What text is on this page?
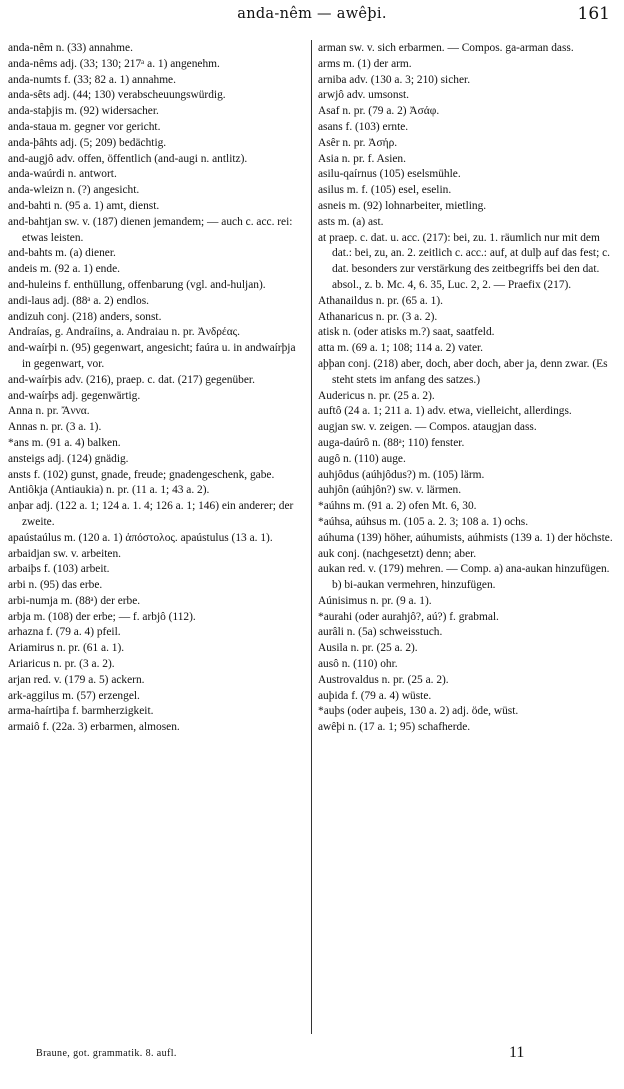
anda-nêm — awêþi.	161

anda-nêm n. (33) annahme.

anda-nêms adj. (33; 130; 217ᵃ a. 1) angenehm.

anda-numts f. (33; 82 a. 1) annahme.

anda-sêts adj. (44; 130) verabscheuungswürdig.

anda-staþjis m. (92) widersacher.

anda-staua m. gegner vor gericht.

anda-þâhts adj. (5; 209) bedächtig.

and-augjô adv. offen, öffentlich (and-augi n. antlitz).

anda-waúrdi n. antwort.

anda-wleizn n. (?) angesicht.

and-bahti n. (95 a. 1) amt, dienst.

and-bahtjan sw. v. (187) dienen jemandem; — auch c. acc. rei: etwas leisten.

and-bahts m. (a) diener.

andeis m. (92 a. 1) ende.

and-huleins f. enthüllung, offenbarung (vgl. and-huljan).

andi-laus adj. (88ᵃ a. 2) endlos.

andizuh conj. (218) anders, sonst.

Andraías, g. Andraíins, a. Andraiau n. pr. Ἀνδρέας.

and-waírþi n. (95) gegenwart, angesicht; faúra u. in andwaírþja in gegenwart, vor.

and-waírþis adv. (216), praep. c. dat. (217) gegenüber.

and-waírþs adj. gegenwärtig.

Anna n. pr. Ἄννα.

Annas n. pr. (3 a. 1).

*ans m. (91 a. 4) balken.

ansteigs adj. (124) gnädig.

ansts f. (102) gunst, gnade, freude; gnadengeschenk, gabe.

Antiôkja (Antiaukia) n. pr. (11 a. 1; 43 a. 2).

anþar adj. (122 a. 1; 124 a. 1. 4; 126 a. 1; 146) ein anderer; der zweite.

apaústaúlus m. (120 a. 1) ἀπόστολος. apaústulus (13 a. 1).

arbaidjan sw. v. arbeiten.

arbaiþs f. (103) arbeit.

arbi n. (95) das erbe.

arbi-numja m. (88ᵃ) der erbe.

arbja m. (108) der erbe; — f. arbjô (112).

arhazna f. (79 a. 4) pfeil.

Ariamirus n. pr. (61 a. 1).

Ariaricus n. pr. (3 a. 2).

arjan red. v. (179 a. 5) ackern.

ark-aggilus m. (57) erzengel.

arma-haírtiþa f. barmherzigkeit.

armaiô f. (22a. 3) erbarmen, almosen.

arman sw. v. sich erbarmen. — Compos. ga-arman dass.

arms m. (1) der arm.

arniba adv. (130 a. 3; 210) sicher.

arwjô adv. umsonst.

Asaf n. pr. (79 a. 2) Ἀσάφ.

asans f. (103) ernte.

Asêr n. pr. Ἀσήρ.

Asia n. pr. f. Asien.

asilu-qaírnus (105) eselsmühle.

asilus m. f. (105) esel, eselin.

asneis m. (92) lohnarbeiter, mietling.

asts m. (a) ast.

at praep. c. dat. u. acc. (217): bei, zu. 1. räumlich nur mit dem dat.: bei, zu, an. 2. zeitlich c. acc.: auf, at dulþ auf das fest; c. dat. besonders zur verstärkung des zeitbegriffs bei den dat. absol., z. b. Mc. 4, 6. 35, Luc. 2, 2. — Praefix (217).

Athanaildus n. pr. (65 a. 1).

Athanaricus n. pr. (3 a. 2).

atisk n. (oder atisks m.?) saat, saatfeld.

atta m. (69 a. 1; 108; 114 a. 2) vater.

aþþan conj. (218) aber, doch, aber doch, aber ja, denn zwar. (Es steht stets im anfang des satzes.)

Audericus n. pr. (25 a. 2).

auftô (24 a. 1; 211 a. 1) adv. etwa, vielleicht, allerdings.

augjan sw. v. zeigen. — Compos. ataugjan dass.

auga-daúrô n. (88ᵃ; 110) fenster.

augô n. (110) auge.

auhjôdus (aúhjôdus?) m. (105) lärm.

auhjôn (aúhjôn?) sw. v. lärmen.

*aúhns m. (91 a. 2) ofen Mt. 6, 30.

*aúhsa, aúhsus m. (105 a. 2. 3; 108 a. 1) ochs.

aúhuma (139) höher, aúhumists, aúhmists (139 a. 1) der höchste.

auk conj. (nachgesetzt) denn; aber.

aukan red. v. (179) mehren. — Comp. a) ana-aukan hinzufügen. b) bi-aukan vermehren, hinzufügen.

Aúnisimus n. pr. (9 a. 1).

*aurahi (oder aurahjô?, aú?) f. grabmal.

aurâli n. (5a) schweisstuch.

Ausila n. pr. (25 a. 2).

ausô n. (110) ohr.

Austrovaldus n. pr. (25 a. 2).

auþida f. (79 a. 4) wüste.

*auþs (oder auþeis, 130 a. 2) adj. öde, wüst.

awêþi n. (17 a. 1; 95) schafherde.

Braune, got. grammatik. 8. aufl.	11
